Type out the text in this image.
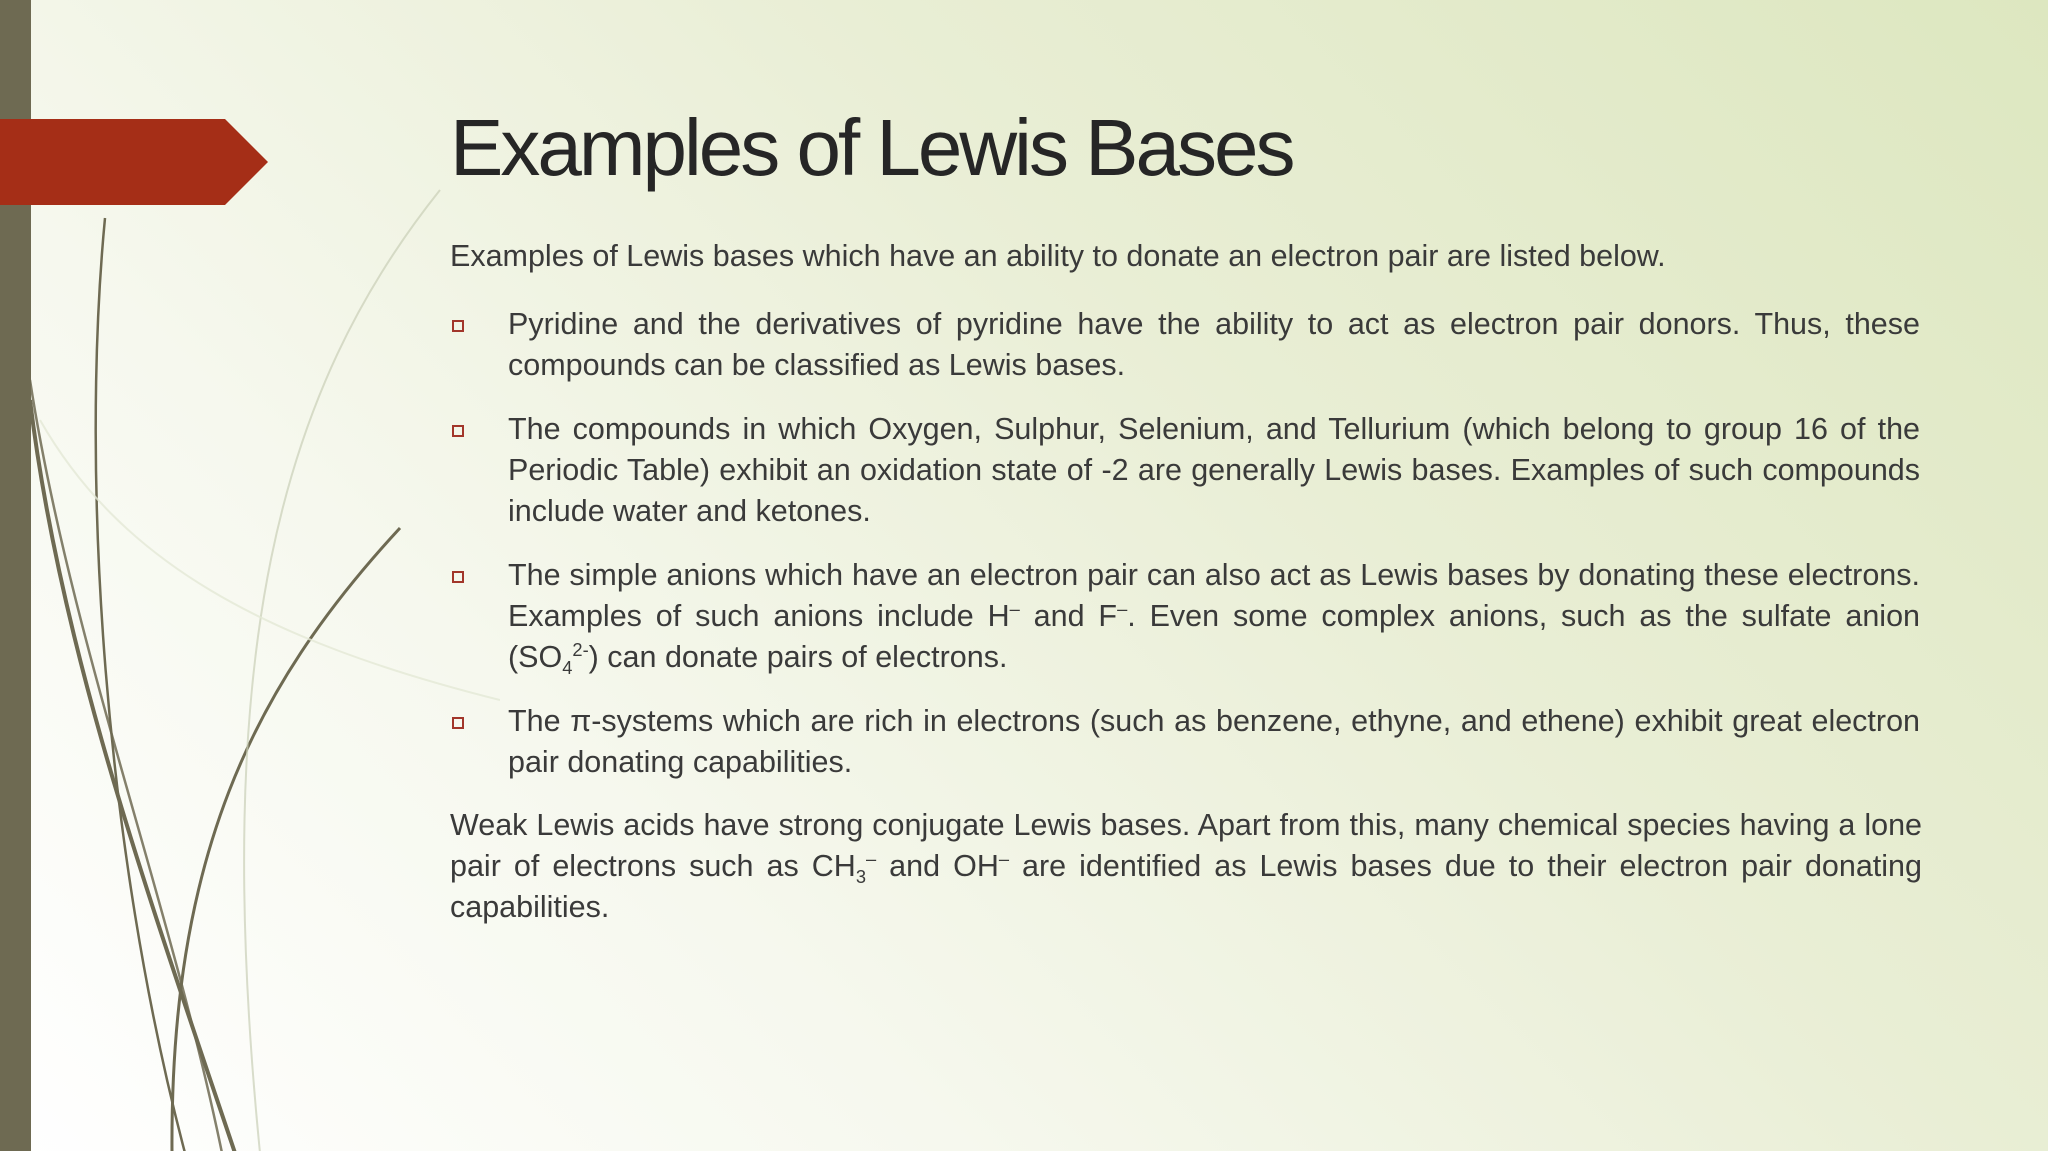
Examples of Lewis Bases

Examples of Lewis bases which have an ability to donate an electron pair are listed below.

Pyridine and the derivatives of pyridine have the ability to act as electron pair donors. Thus, these compounds can be classified as Lewis bases.
The compounds in which Oxygen, Sulphur, Selenium, and Tellurium (which belong to group 16 of the Periodic Table) exhibit an oxidation state of -2 are generally Lewis bases. Examples of such compounds include water and ketones.
The simple anions which have an electron pair can also act as Lewis bases by donating these electrons. Examples of such anions include H– and F–. Even some complex anions, such as the sulfate anion $(SO_4^{2-})$ can donate pairs of electrons.
The π-systems which are rich in electrons (such as benzene, ethyne, and ethene) exhibit great electron pair donating capabilities.

Weak Lewis acids have strong conjugate Lewis bases. Apart from this, many chemical species having a lone pair of electrons such as $CH_3^-$ and OH– are identified as Lewis bases due to their electron pair donating capabilities.
